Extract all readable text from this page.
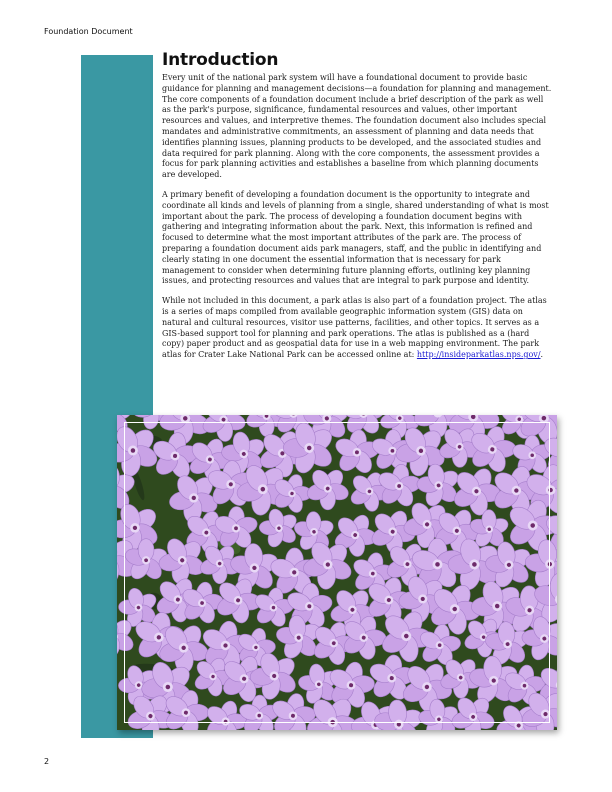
Foundation Document
Introduction

Every unit of the national park system will have a foundational document to provide basic guidance for planning and management decisions—a foundation for planning and management. The core components of a foundation document include a brief description of the park as well as the park's purpose, significance, fundamental resources and values, other important resources and values, and interpretive themes. The foundation document also includes special mandates and administrative commitments, an assessment of planning and data needs that identifies planning issues, planning products to be developed, and the associated studies and data required for park planning. Along with the core components, the assessment provides a focus for park planning activities and establishes a baseline from which planning documents are developed.

A primary benefit of developing a foundation document is the opportunity to integrate and coordinate all kinds and levels of planning from a single, shared understanding of what is most important about the park. The process of developing a foundation document begins with gathering and integrating information about the park. Next, this information is refined and focused to determine what the most important attributes of the park are. The process of preparing a foundation document aids park managers, staff, and the public in identifying and clearly stating in one document the essential information that is necessary for park management to consider when determining future planning efforts, outlining key planning issues, and protecting resources and values that are integral to park purpose and identity.

While not included in this document, a park atlas is also part of a foundation project. The atlas is a series of maps compiled from available geographic information system (GIS) data on natural and cultural resources, visitor use patterns, facilities, and other topics. It serves as a GIS-based support tool for planning and park operations. The atlas is published as a (hard copy) paper product and as geospatial data for use in a web mapping environment. The park atlas for Crater Lake National Park can be accessed online at: http://insideparkatlas.nps.gov/.

2
